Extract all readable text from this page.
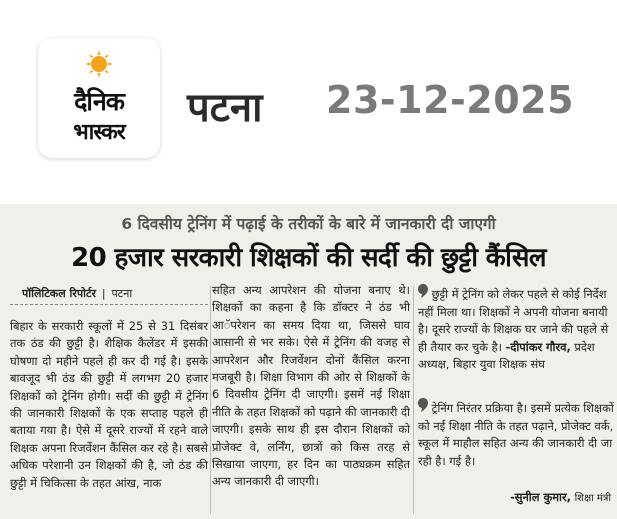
दैनिक
भास्कर
पटना 23-12-2025
6 दिवसीय ट्रेनिंग में पढ़ाई के तरीकों के बारे में जानकारी दी जाएगी
20 हजार सरकारी शिक्षकों की सर्दी की छुट्टी कैंसिल
पॉलिटिकल रिपोर्टर | पटना
बिहार के सरकारी स्कूलों में 25 से 31 दिसंबर तक ठंड की छुट्टी है। शैक्षिक कैलेंडर में इसकी घोषणा दो महीने पहले ही कर दी गई है। इसके बावजूद भी ठंड की छुट्टी में लगभग 20 हजार शिक्षकों को ट्रेनिंग होगी। सर्दी की छुट्टी में ट्रेनिंग की जानकारी शिक्षकों के एक सप्ताह पहले ही बताया गया है। ऐसे में दूसरे राज्यों में रहने वाले शिक्षक अपना रिजर्वेशन कैंसिल कर रहे है। सबसे अधिक परेशानी उन शिक्षकों की है, जो ठंड की छुट्टी में चिकित्सा के तहत आंख, नाक
सहित अन्य आपरेशन की योजना बनाए थे। शिक्षकों का कहना है कि डॉक्टर ने ठंड भी आॅपरेशन का समय दिया था, जिससे घाव आसानी से भर सके। ऐसे में ट्रेनिंग की वजह से आपरेशन और रिजर्वेशन दोनों कैंसिल करना मजबूरी है। शिक्षा विभाग की ओर से शिक्षकों के 6 दिवसीय ट्रेनिंग दी जाएगी। इसमें नई शिक्षा नीति के तहत शिक्षकों को पढ़ाने की जानकारी दी जाएगी। इसके साथ ही इस दौरान शिक्षकों को प्रोजेक्ट वे, लर्निंग, छात्रों को किस तरह से सिखाया जाएगा, हर दिन का पाठ्यक्रम सहित अन्य जानकारी दी जाएगी।
छुट्टी में ट्रेनिंग को लेकर पहले से कोई निर्देश नहीं मिला था। शिक्षकों ने अपनी योजना बनायी है। दूसरे राज्यों के शिक्षक घर जाने की पहले से ही तैयार कर चुके है। -दीपांकर गौरव, प्रदेश अध्यक्ष, बिहार युवा शिक्षक संघ
ट्रेनिंग निरंतर प्रक्रिया है। इसमें प्रत्येक शिक्षकों को नई शिक्षा नीति के तहत पढ़ाने, प्रोजेक्ट वर्क, स्कूल में माहौल सहित अन्य की जानकारी दी जा रही है। गई है।
-सुनील कुमार, शिक्षा मंत्री
